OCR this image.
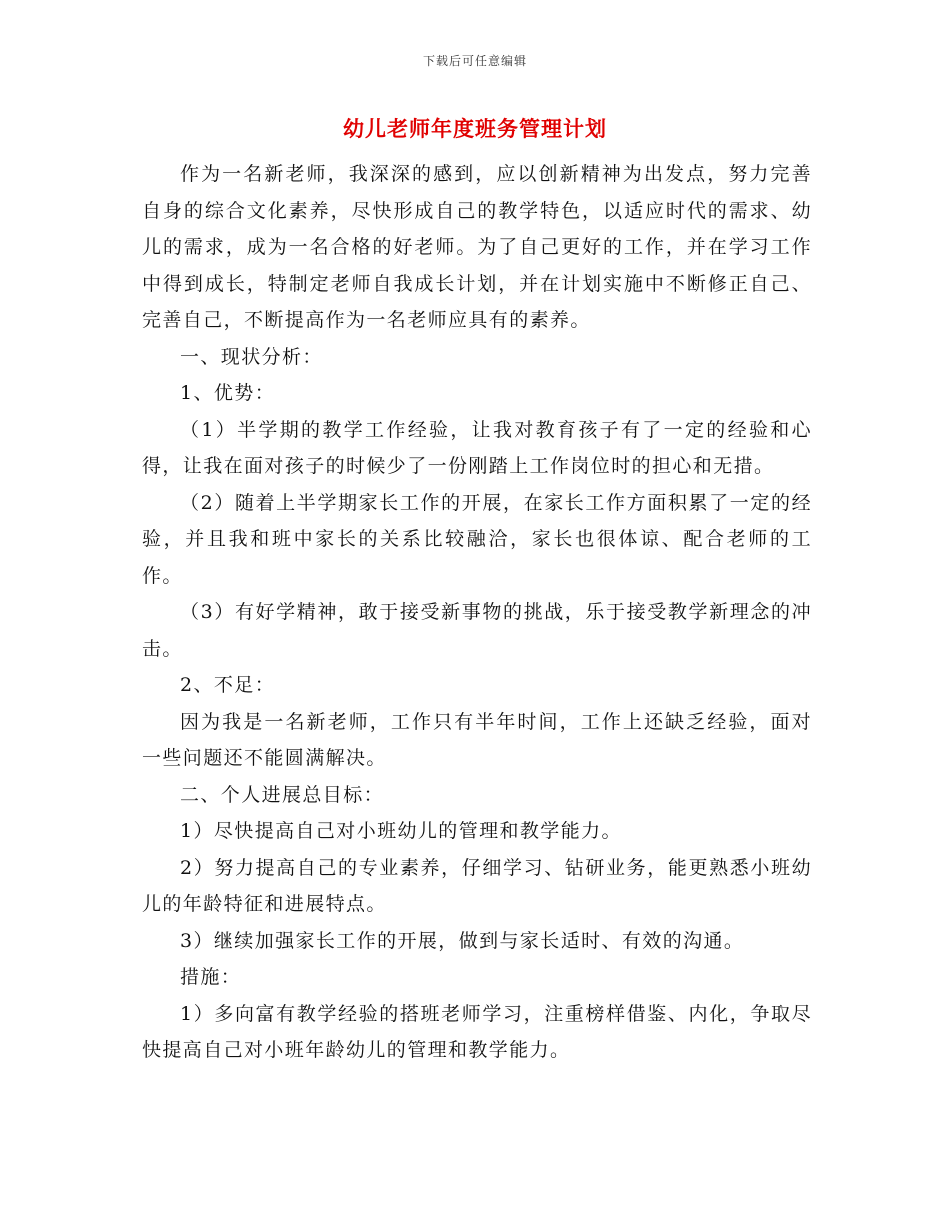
下载后可任意编辑
幼儿老师年度班务管理计划

作为一名新老师，我深深的感到，应以创新精神为出发点，努力完善自身的综合文化素养，尽快形成自己的教学特色，以适应时代的需求、幼儿的需求，成为一名合格的好老师。为了自己更好的工作，并在学习工作中得到成长，特制定老师自我成长计划，并在计划实施中不断修正自己、完善自己，不断提高作为一名老师应具有的素养。

一、现状分析：

1、优势：

（1）半学期的教学工作经验，让我对教育孩子有了一定的经验和心得，让我在面对孩子的时候少了一份刚踏上工作岗位时的担心和无措。

（2）随着上半学期家长工作的开展，在家长工作方面积累了一定的经验，并且我和班中家长的关系比较融洽，家长也很体谅、配合老师的工作。

（3）有好学精神，敢于接受新事物的挑战，乐于接受教学新理念的冲击。

2、不足：

因为我是一名新老师，工作只有半年时间，工作上还缺乏经验，面对一些问题还不能圆满解决。

二、个人进展总目标：

1）尽快提高自己对小班幼儿的管理和教学能力。

2）努力提高自己的专业素养，仔细学习、钻研业务，能更熟悉小班幼儿的年龄特征和进展特点。

3）继续加强家长工作的开展，做到与家长适时、有效的沟通。

措施：

1）多向富有教学经验的搭班老师学习，注重榜样借鉴、内化，争取尽快提高自己对小班年龄幼儿的管理和教学能力。
